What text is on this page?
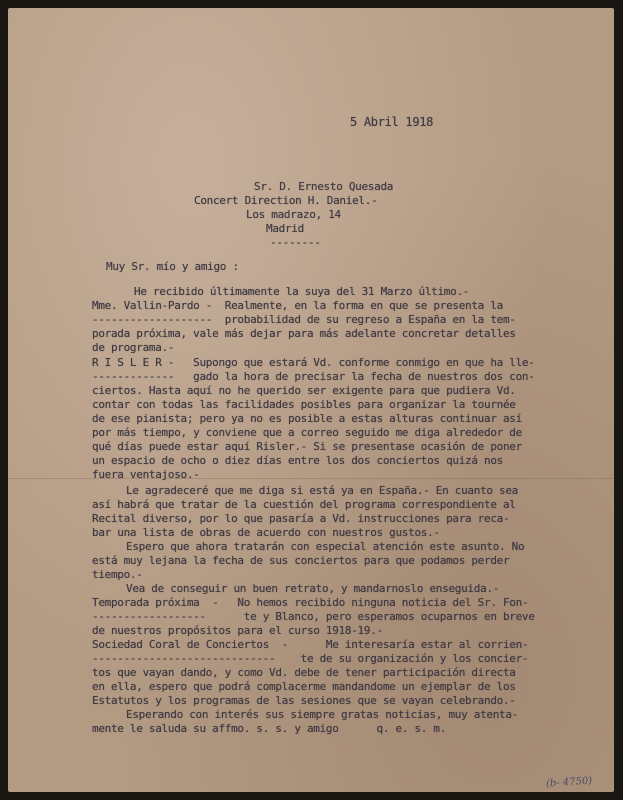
5 Abril 1918
Sr. D. Ernesto Quesada
Concert Direction H. Daniel.-
Los madrazo, 14
Madrid
--------
Muy Sr. mío y amigo :
He recibido últimamente la suya del 31 Marzo último.-
Mme. Vallin-Pardo -  Realmente, en la forma en que se presenta la
-------------------  probabilidad de su regreso a España en la tem-
porada próxima, vale más dejar para más adelante concretar detalles
de programa.-
R I S L E R -   Supongo que estará Vd. conforme conmigo en que ha lle-
-------------   gado la hora de precisar la fecha de nuestros dos con-
ciertos. Hasta aquí no he querido ser exigente para que pudiera Vd.
contar con todas las facilidades posibles para organizar la tournée
de ese pianista; pero ya no es posible a estas alturas continuar así
por más tiempo, y conviene que a correo seguido me diga alrededor de
qué días puede estar aquí Risler.- Si se presentase ocasión de poner
un espacio de ocho o diez días entre los dos conciertos quizá nos
fuera ventajoso.-
Le agradeceré que me diga si está ya en España.- En cuanto sea
así habrá que tratar de la cuestión del programa correspondiente al
Recital diverso, por lo que pasaría a Vd. instrucciones para reca-
bar una lista de obras de acuerdo con nuestros gustos.-
Espero que ahora tratarán con especial atención este asunto. No
está muy lejana la fecha de sus conciertos para que podamos perder
tiempo.-
Vea de conseguir un buen retrato, y mandarnoslo enseguida.-
Temporada próxima  -   No hemos recibido ninguna noticia del Sr. Fon-
------------------      te y Blanco, pero esperamos ocuparnos en breve
de nuestros propósitos para el curso 1918-19.-
Sociedad Coral de Conciertos  -      Me interesaría estar al corrien-
-----------------------------    te de su organización y los concier-
tos que vayan dando, y como Vd. debe de tener participación directa
en ella, espero que podrá complacerme mandandome un ejemplar de los
Estatutos y los programas de las sesiones que se vayan celebrando.-
Esperando con interés sus siempre gratas noticias, muy atenta-
mente le saluda su affmo. s. s. y amigo      q. e. s. m.
(b- 4750)
